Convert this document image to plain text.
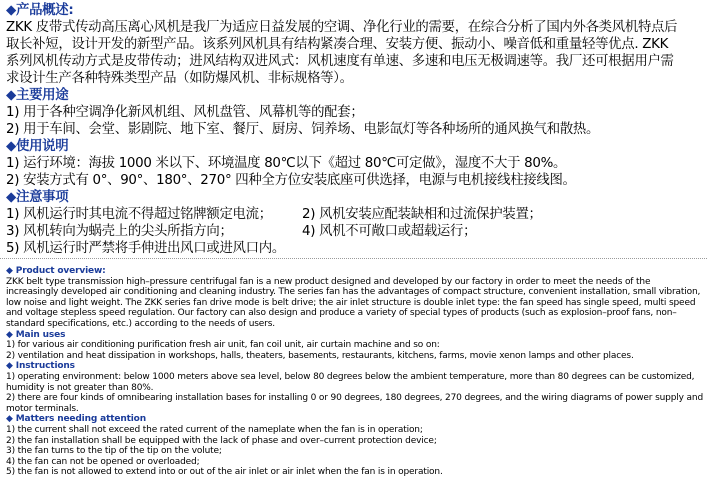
◆产品概述:

ZKK 皮带式传动高压离心风机是我厂为适应日益发展的空调、净化行业的需要，在综合分析了国内外各类风机特点后

取长补短，设计开发的新型产品。该系列风机具有结构紧凑合理、安装方便、振动小、噪音低和重量轻等优点. ZKK

系列风机传动方式是皮带传动；进风结构双进风式：风机速度有单速、多速和电压无极调速等。我厂还可根据用户需

求设计生产各种特殊类型产品（如防爆风机、非标规格等）。

◆主要用途

1) 用于各种空调净化新风机组、风机盘管、风幕机等的配套；

2) 用于车间、会堂、影剧院、地下室、餐厅、厨房、饲养场、电影氙灯等各种场所的通风换气和散热。

◆使用说明

1) 运行环境：海拔 1000 米以下、环境温度 80℃以下《超过 80℃可定做》，湿度不大于 80%。

2) 安装方式有 0°、90°、180°、270° 四种全方位安装底座可供选择，电源与电机接线柱接线图。

◆注意事项

1) 风机运行时其电流不得超过铭牌额定电流；	2) 风机安装应配装缺相和过流保护装置；

3) 风机转向为蜗壳上的尖头所指方向；	4) 风机不可敞口或超载运行；

5) 风机运行时严禁将手伸进出风口或进风口内。

◆ Product overview:

ZKK belt type transmission high–pressure centrifugal fan is a new product designed and developed by our factory in order to meet the needs of the increasingly developed air conditioning and cleaning industry. The series fan has the advantages of compact structure, convenient installation, small vibration, low noise and light weight. The ZKK series fan drive mode is belt drive; the air inlet structure is double inlet type: the fan speed has single speed, multi speed and voltage stepless speed regulation. Our factory can also design and produce a variety of special types of products (such as explosion–proof fans, non–standard specifications, etc.) according to the needs of users.

◆ Main uses

1) for various air conditioning purification fresh air unit, fan coil unit, air curtain machine and so on:

2) ventilation and heat dissipation in workshops, halls, theaters, basements, restaurants, kitchens, farms, movie xenon lamps and other places.

◆ Instructions

1) operating environment: below 1000 meters above sea level, below 80 degrees below the ambient temperature, more than 80 degrees can be customized, humidity is not greater than 80%.

2) there are four kinds of omnibearing installation bases for installing 0 or 90 degrees, 180 degrees, 270 degrees, and the wiring diagrams of power supply and motor terminals.

◆ Matters needing attention

1) the current shall not exceed the rated current of the nameplate when the fan is in operation;

2) the fan installation shall be equipped with the lack of phase and over–current protection device;

3) the fan turns to the tip of the tip on the volute;

4) the fan can not be opened or overloaded;

5) the fan is not allowed to extend into or out of the air inlet or air inlet when the fan is in operation.
